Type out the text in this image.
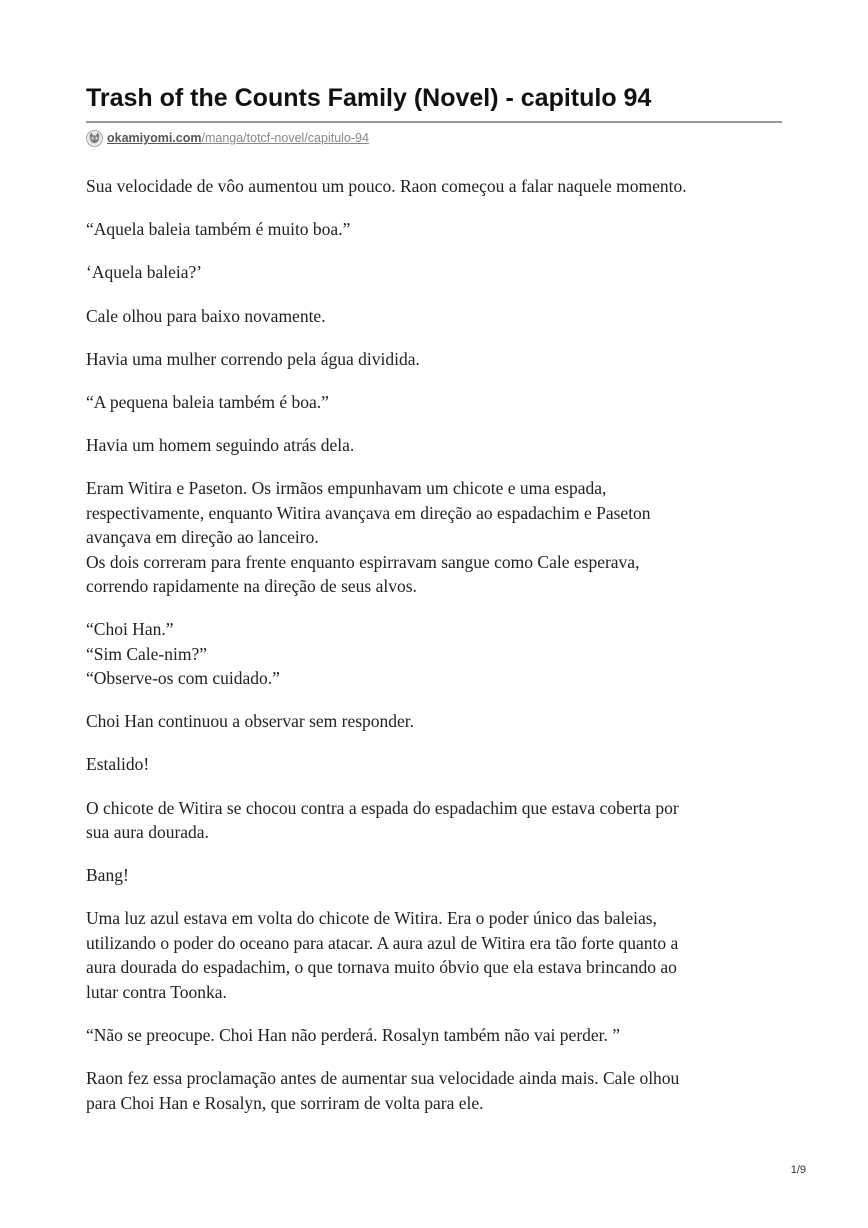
Trash of the Counts Family (Novel) - capitulo 94
okamiyomi.com/manga/totcf-novel/capitulo-94

Sua velocidade de vôo aumentou um pouco. Raon começou a falar naquele momento.

“Aquela baleia também é muito boa.”

‘Aquela baleia?’

Cale olhou para baixo novamente.

Havia uma mulher correndo pela água dividida.

“A pequena baleia também é boa.”

Havia um homem seguindo atrás dela.

Eram Witira e Paseton. Os irmãos empunhavam um chicote e uma espada,
respectivamente, enquanto Witira avançava em direção ao espadachim e Paseton
avançava em direção ao lanceiro.
Os dois correram para frente enquanto espirravam sangue como Cale esperava,
correndo rapidamente na direção de seus alvos.

“Choi Han.”
“Sim Cale-nim?”
“Observe-os com cuidado.”

Choi Han continuou a observar sem responder.

Estalido!

O chicote de Witira se chocou contra a espada do espadachim que estava coberta por
sua aura dourada.

Bang!

Uma luz azul estava em volta do chicote de Witira. Era o poder único das baleias,
utilizando o poder do oceano para atacar. A aura azul de Witira era tão forte quanto a
aura dourada do espadachim, o que tornava muito óbvio que ela estava brincando ao
lutar contra Toonka.

“Não se preocupe. Choi Han não perderá. Rosalyn também não vai perder. ”

Raon fez essa proclamação antes de aumentar sua velocidade ainda mais. Cale olhou
para Choi Han e Rosalyn, que sorriram de volta para ele.

1/9
